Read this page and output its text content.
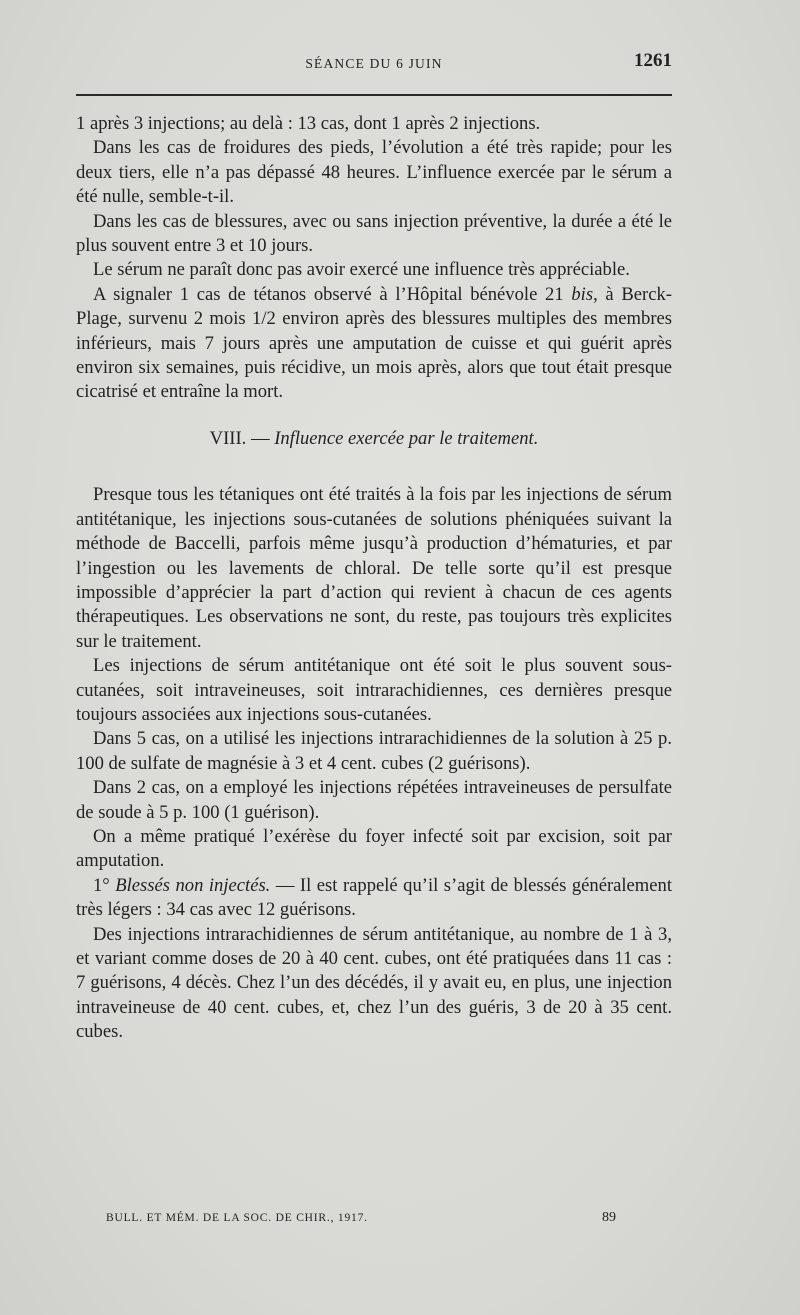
SÉANCE DU 6 JUIN	1261

1 après 3 injections; au delà : 13 cas, dont 1 après 2 injections.

Dans les cas de froidures des pieds, l’évolution a été très rapide; pour les deux tiers, elle n’a pas dépassé 48 heures. L’influence exercée par le sérum a été nulle, semble-t-il.

Dans les cas de blessures, avec ou sans injection préventive, la durée a été le plus souvent entre 3 et 10 jours.

Le sérum ne paraît donc pas avoir exercé une influence très appréciable.

A signaler 1 cas de tétanos observé à l’Hôpital bénévole 21 bis, à Berck-Plage, survenu 2 mois 1/2 environ après des blessures multiples des membres inférieurs, mais 7 jours après une amputation de cuisse et qui guérit après environ six semaines, puis récidive, un mois après, alors que tout était presque cicatrisé et entraîne la mort.

VIII. — Influence exercée par le traitement.

Presque tous les tétaniques ont été traités à la fois par les injections de sérum antitétanique, les injections sous-cutanées de solutions phéniquées suivant la méthode de Baccelli, parfois même jusqu’à production d’hématuries, et par l’ingestion ou les lavements de chloral. De telle sorte qu’il est presque impossible d’apprécier la part d’action qui revient à chacun de ces agents thérapeutiques. Les observations ne sont, du reste, pas toujours très explicites sur le traitement.

Les injections de sérum antitétanique ont été soit le plus souvent sous-cutanées, soit intraveineuses, soit intrarachidiennes, ces dernières presque toujours associées aux injections sous-cutanées.

Dans 5 cas, on a utilisé les injections intrarachidiennes de la solution à 25 p. 100 de sulfate de magnésie à 3 et 4 cent. cubes (2 guérisons).

Dans 2 cas, on a employé les injections répétées intraveineuses de persulfate de soude à 5 p. 100 (1 guérison).

On a même pratiqué l’exérèse du foyer infecté soit par excision, soit par amputation.

1° Blessés non injectés. — Il est rappelé qu’il s’agit de blessés généralement très légers : 34 cas avec 12 guérisons.

Des injections intrarachidiennes de sérum antitétanique, au nombre de 1 à 3, et variant comme doses de 20 à 40 cent. cubes, ont été pratiquées dans 11 cas : 7 guérisons, 4 décès. Chez l’un des décédés, il y avait eu, en plus, une injection intraveineuse de 40 cent. cubes, et, chez l’un des guéris, 3 de 20 à 35 cent. cubes.

BULL. ET MÉM. DE LA SOC. DE CHIR., 1917.	89
